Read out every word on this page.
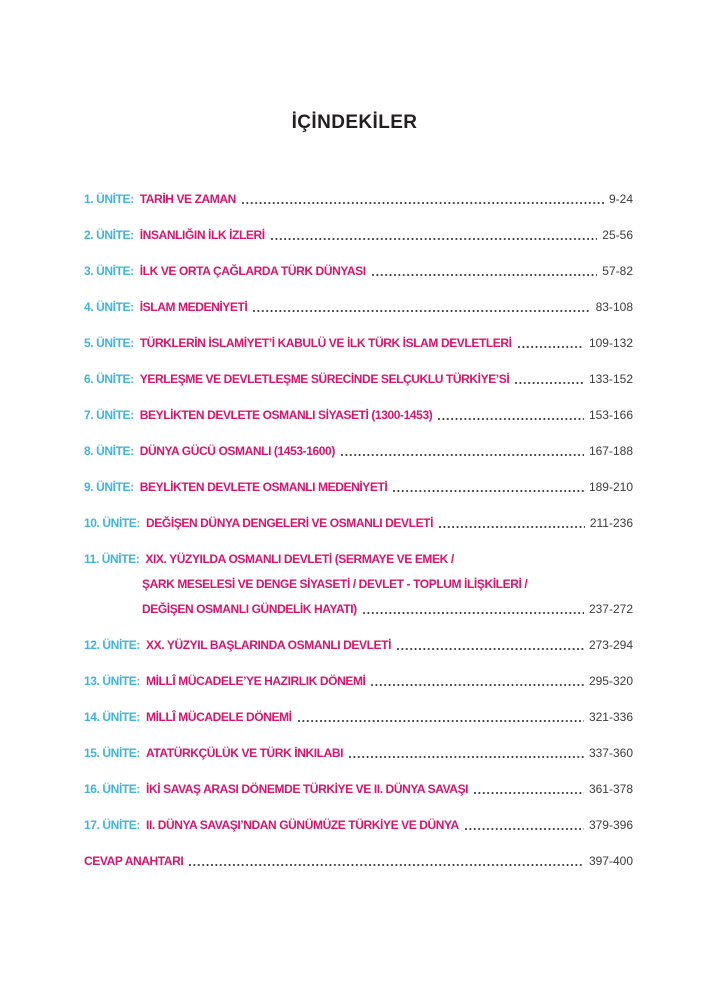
İÇİNDEKİLER
1. ÜNİTE: TARİH VE ZAMAN	9-24
2. ÜNİTE: İNSANLIĞIN İLK İZLERİ	25-56
3. ÜNİTE: İLK VE ORTA ÇAĞLARDA TÜRK DÜNYASI	57-82
4. ÜNİTE: İSLAM MEDENİYETİ	83-108
5. ÜNİTE: TÜRKLERİN İSLAMİYET’İ KABULÜ VE İLK TÜRK İSLAM DEVLETLERİ	109-132
6. ÜNİTE: YERLEŞME VE DEVLETLEŞME SÜRECİNDE SELÇUKLU TÜRKİYE’Sİ	133-152
7. ÜNİTE: BEYLİKTEN DEVLETE OSMANLI SİYASETİ (1300-1453)	153-166
8. ÜNİTE: DÜNYA GÜCÜ OSMANLI (1453-1600)	167-188
9. ÜNİTE: BEYLİKTEN DEVLETE OSMANLI MEDENİYETİ	189-210
10. ÜNİTE: DEĞİŞEN DÜNYA DENGELERİ VE OSMANLI DEVLETİ	211-236
11. ÜNİTE: XIX. YÜZYILDA OSMANLI DEVLETİ (SERMAYE VE EMEK /
ŞARK MESELESİ VE DENGE SİYASETİ / DEVLET - TOPLUM İLİŞKİLERİ /
DEĞİŞEN OSMANLI GÜNDELİK HAYATI)	237-272
12. ÜNİTE: XX. YÜZYIL BAŞLARINDA OSMANLI DEVLETİ	273-294
13. ÜNİTE: MİLLÎ MÜCADELE’YE HAZIRLIK DÖNEMİ	295-320
14. ÜNİTE: MİLLÎ MÜCADELE DÖNEMİ	321-336
15. ÜNİTE: ATATÜRKÇÜLÜK VE TÜRK İNKILABI	337-360
16. ÜNİTE: İKİ SAVAŞ ARASI DÖNEMDE TÜRKİYE VE II. DÜNYA SAVAŞI	361-378
17. ÜNİTE: II. DÜNYA SAVAŞI’NDAN GÜNÜMÜZE TÜRKİYE VE DÜNYA	379-396
CEVAP ANAHTARI	397-400
